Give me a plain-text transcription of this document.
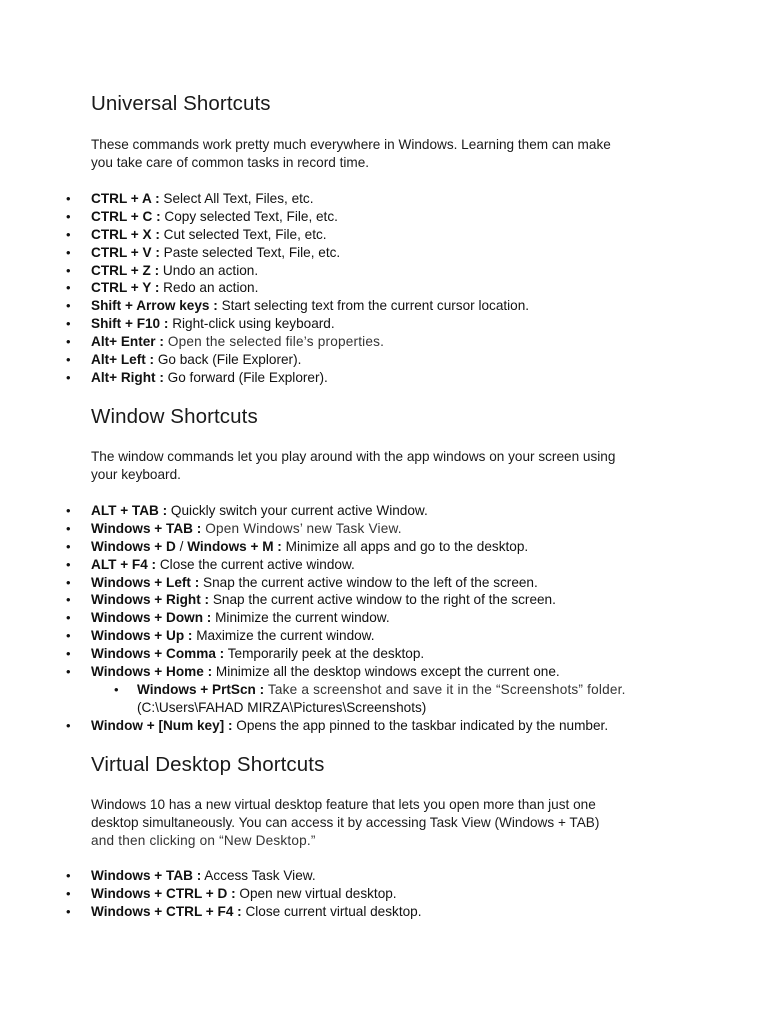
Universal Shortcuts

These commands work pretty much everywhere in Windows. Learning them can make
you take care of common tasks in record time.

• CTRL + A : Select All Text, Files, etc.
• CTRL + C : Copy selected Text, File, etc.
• CTRL + X : Cut selected Text, File, etc.
• CTRL + V : Paste selected Text, File, etc.
• CTRL + Z : Undo an action.
• CTRL + Y : Redo an action.
• Shift + Arrow keys : Start selecting text from the current cursor location.
• Shift + F10 : Right-click using keyboard.
• Alt+ Enter : Open the selected file’s properties.
• Alt+ Left : Go back (File Explorer).
• Alt+ Right : Go forward (File Explorer).
Window Shortcuts

The window commands let you play around with the app windows on your screen using
your keyboard.

• ALT + TAB : Quickly switch your current active Window.
• Windows + TAB : Open Windows’ new Task View.
• Windows + D / Windows + M : Minimize all apps and go to the desktop.
• ALT + F4 : Close the current active window.
• Windows + Left : Snap the current active window to the left of the screen.
• Windows + Right : Snap the current active window to the right of the screen.
• Windows + Down : Minimize the current window.
• Windows + Up : Maximize the current window.
• Windows + Comma : Temporarily peek at the desktop.
• Windows + Home : Minimize all the desktop windows except the current one.
• Windows + PrtScn : Take a screenshot and save it in the “Screenshots” folder.
(C:\Users\FAHAD MIRZA\Pictures\Screenshots)
• Window + [Num key] : Opens the app pinned to the taskbar indicated by the number.
Virtual Desktop Shortcuts

Windows 10 has a new virtual desktop feature that lets you open more than just one
desktop simultaneously. You can access it by accessing Task View (Windows + TAB)
and then clicking on “New Desktop.”

• Windows + TAB : Access Task View.
• Windows + CTRL + D : Open new virtual desktop.
• Windows + CTRL + F4 : Close current virtual desktop.
